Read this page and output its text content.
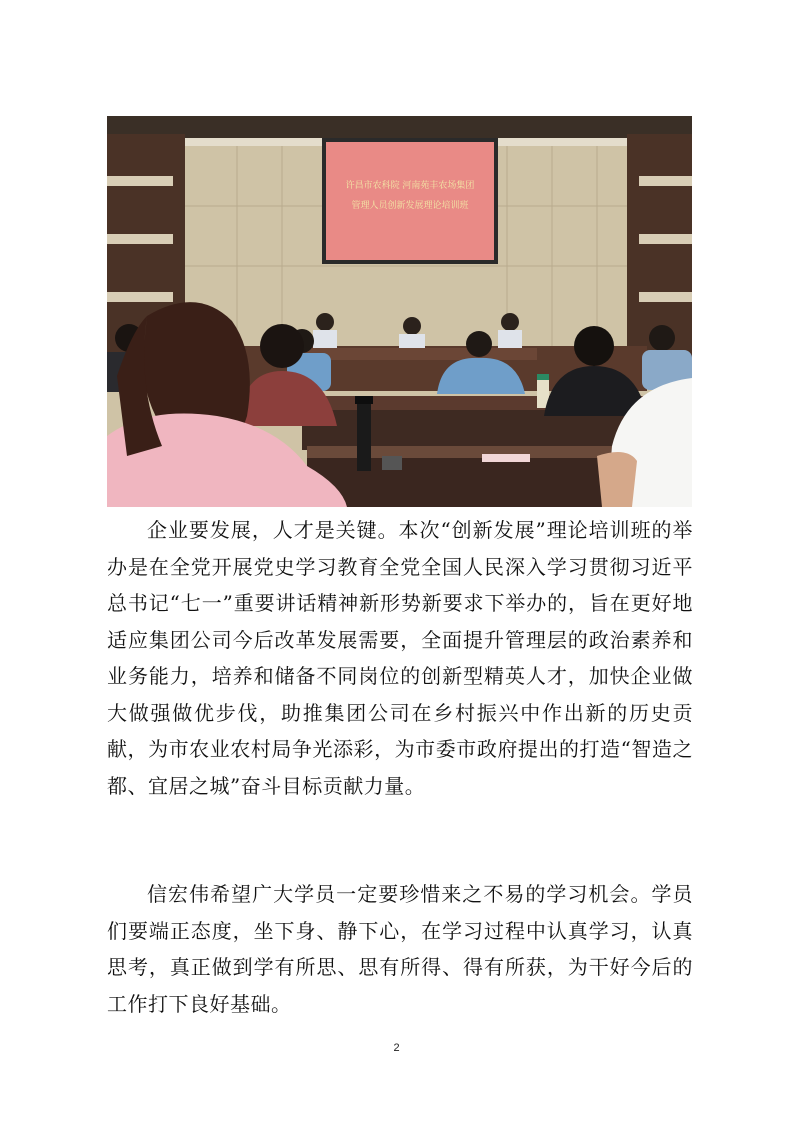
许昌市农科院 河南苑丰农场集团
管理人员创新发展理论培训班

企业要发展，人才是关键。本次“创新发展”理论培训班的举办是在全党开展党史学习教育全党全国人民深入学习贯彻习近平总书记“七一”重要讲话精神新形势新要求下举办的，旨在更好地适应集团公司今后改革发展需要，全面提升管理层的政治素养和业务能力，培养和储备不同岗位的创新型精英人才，加快企业做大做强做优步伐，助推集团公司在乡村振兴中作出新的历史贡献，为市农业农村局争光添彩，为市委市政府提出的打造“智造之都、宜居之城”奋斗目标贡献力量。

信宏伟希望广大学员一定要珍惜来之不易的学习机会。学员们要端正态度，坐下身、静下心，在学习过程中认真学习，认真思考，真正做到学有所思、思有所得、得有所获，为干好今后的工作打下良好基础。

2
